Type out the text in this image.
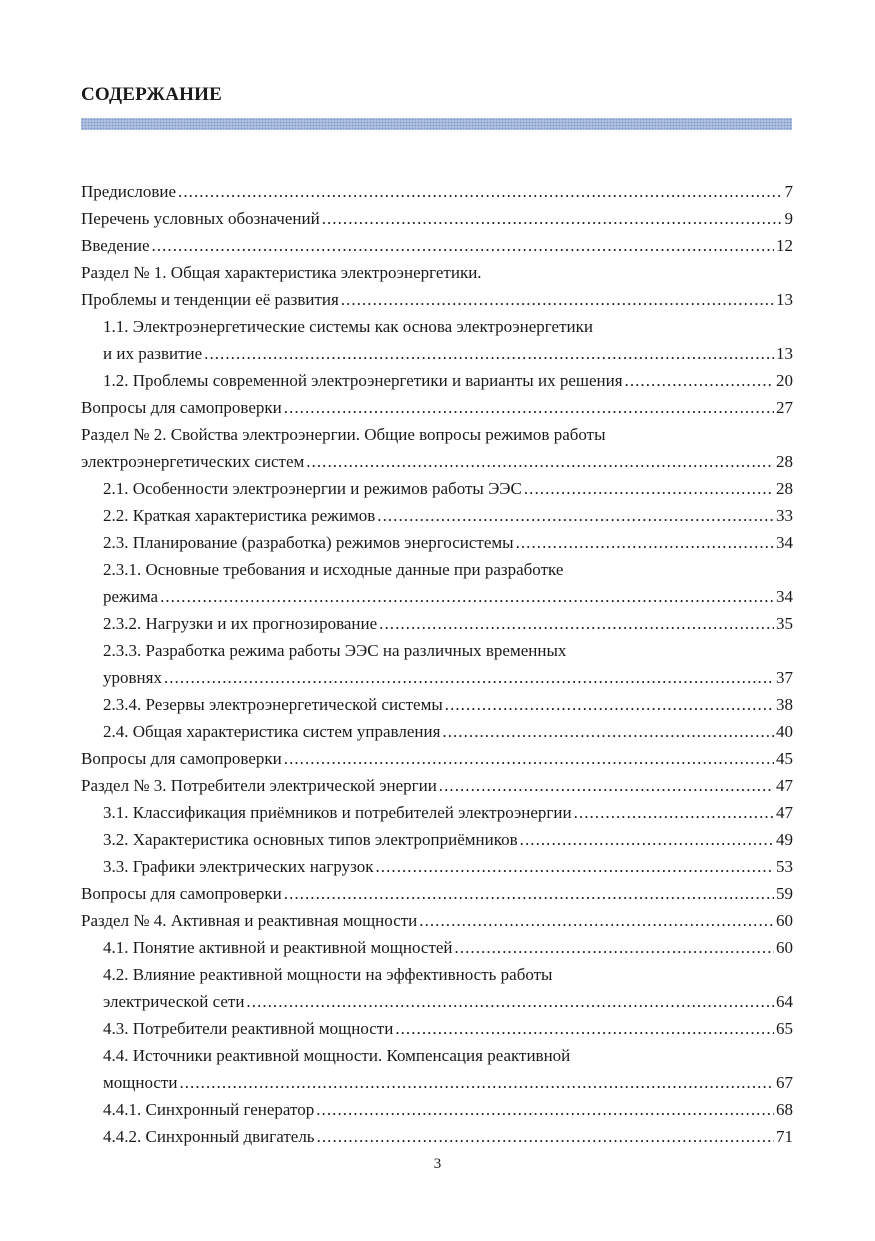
СОДЕРЖАНИЕ
Предисловие . . .	7
Перечень условных обозначений . . .	9
Введение . . .	12
Раздел № 1. Общая характеристика электроэнергетики.
Проблемы и тенденции её развития . . .	13
1.1. Электроэнергетические системы как основа электроэнергетики
и их развитие . . .	13
1.2. Проблемы современной электроэнергетики и варианты их решения . . .	20
Вопросы для самопроверки . . .	27
Раздел № 2. Свойства электроэнергии. Общие вопросы режимов работы
электроэнергетических систем . . .	28
2.1. Особенности электроэнергии и режимов работы ЭЭС . . .	28
2.2. Краткая характеристика режимов . . .	33
2.3. Планирование (разработка) режимов энергосистемы . . .	34
2.3.1. Основные требования и исходные данные при разработке
режима . . .	34
2.3.2. Нагрузки и их прогнозирование . . .	35
2.3.3. Разработка режима работы ЭЭС на различных временных
уровнях . . .	37
2.3.4. Резервы электроэнергетической системы . . .	38
2.4. Общая характеристика систем управления . . .	40
Вопросы для самопроверки . . .	45
Раздел № 3. Потребители электрической энергии . . .	47
3.1. Классификация приёмников и потребителей электроэнергии . . .	47
3.2. Характеристика основных типов электроприёмников . . .	49
3.3. Графики электрических нагрузок . . .	53
Вопросы для самопроверки . . .	59
Раздел № 4. Активная и реактивная мощности . . .	60
4.1. Понятие активной и реактивной мощностей . . .	60
4.2. Влияние реактивной мощности на эффективность работы
электрической сети . . .	64
4.3. Потребители реактивной мощности . . .	65
4.4. Источники реактивной мощности. Компенсация реактивной
мощности . . .	67
4.4.1. Синхронный генератор . . .	68
4.4.2. Синхронный двигатель . . .	71
3
